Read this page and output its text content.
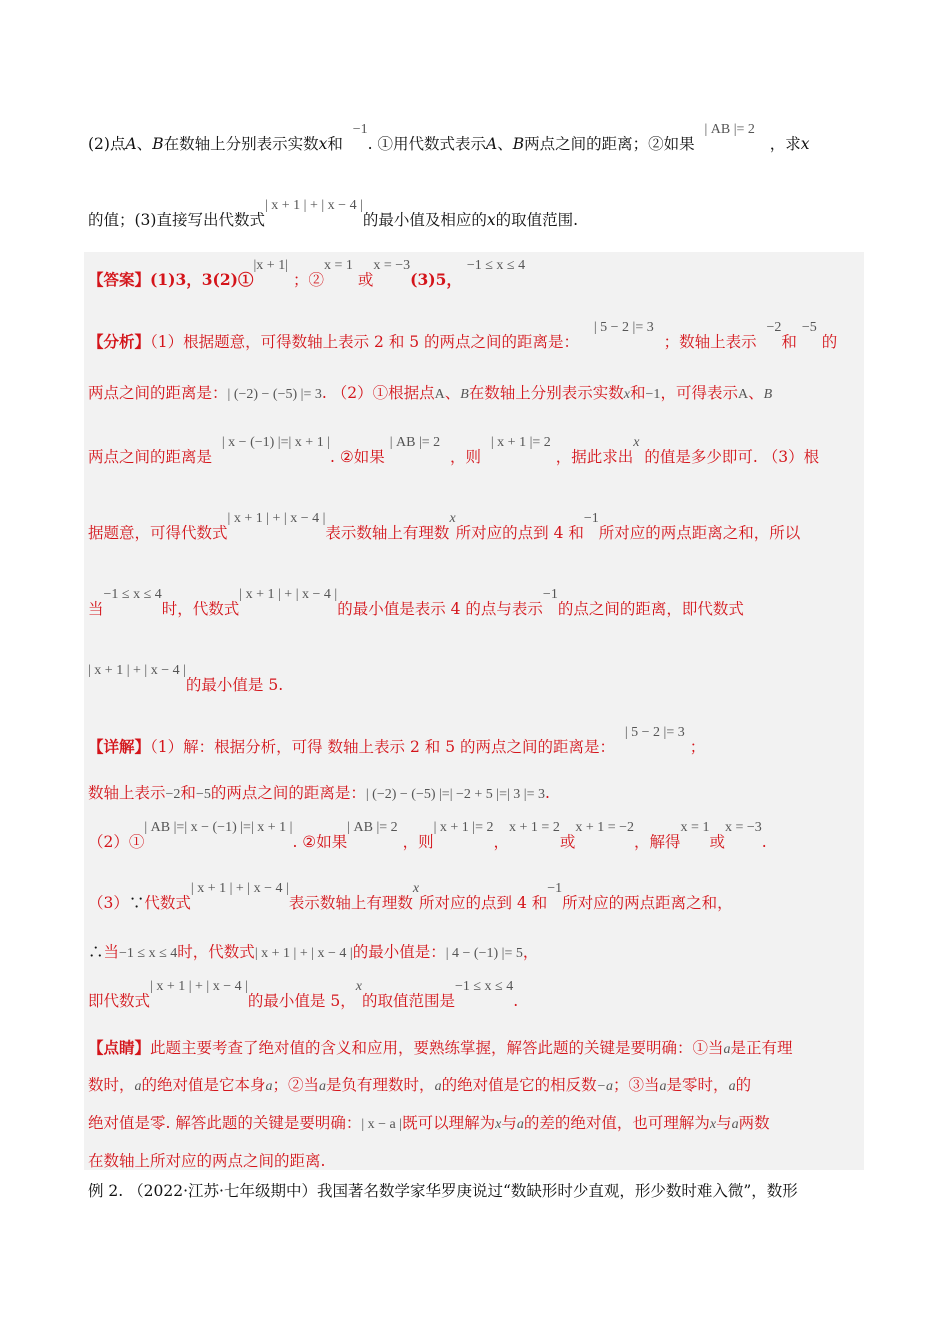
(2)点A、B在数轴上分别表示实数x和  −1. ①用代数式表示A、B两点之间的距离；②如果  | AB |= 2   ，求x
的值；(3)直接写出代数式| x + 1 | + | x − 4 |的最小值及相应的x的取值范围.
【答案】(1)3，3(2)①|x + 1| ；②x = 1 或x = −3(3)5， −1 ≤ x ≤ 4
【分析】（1）根据题意，可得数轴上表示 2 和 5 的两点之间的距离是：   | 5 − 2 |= 3  ；数轴上表示  −2和 −5 的
两点之间的距离是：| (−2) − (−5) |= 3. （2）①根据点A、B在数轴上分别表示实数x和−1，可得表示A、B
两点之间的距离是  | x − (−1) |=| x + 1 |. ②如果 | AB |= 2  ，则  | x + 1 |= 2 ，据此求出x 的值是多少即可. （3）根
据题意，可得代数式| x + 1 | + | x − 4 |表示数轴上有理数x所对应的点到 4 和−1所对应的两点距离之和，所以
当−1 ≤ x ≤ 4时，代数式| x + 1 | + | x − 4 |的最小值是表示 4 的点与表示−1的点之间的距离，即代数式
| x + 1 | + | x − 4 |的最小值是 5.
【详解】（1）解：根据分析，可得 数轴上表示 2 和 5 的两点之间的距离是：  | 5 − 2 |= 3 ；
数轴上表示−2和−5的两点之间的距离是：| (−2) − (−5) |=| −2 + 5 |=| 3 |= 3.
（2）①| AB |=| x − (−1) |=| x + 1 |. ②如果| AB |= 2 ，则| x + 1 |= 2，x + 1 = 2或x + 1 = −2，解得x = 1或x = −3.
（3）∵代数式| x + 1 | + | x − 4 |表示数轴上有理数x所对应的点到 4 和−1所对应的两点距离之和，
∴当−1 ≤ x ≤ 4时，代数式| x + 1 | + | x − 4 |的最小值是：| 4 − (−1) |= 5，
即代数式| x + 1 | + | x − 4 |的最小值是 5，x的取值范围是−1 ≤ x ≤ 4.
【点睛】此题主要考查了绝对值的含义和应用，要熟练掌握，解答此题的关键是要明确：①当a是正有理
数时，a的绝对值是它本身a；②当a是负有理数时，a的绝对值是它的相反数−a；③当a是零时，a的
绝对值是零. 解答此题的关键是要明确：| x − a |既可以理解为x与a的差的绝对值，也可理解为x与a两数
在数轴上所对应的两点之间的距离.
例 2. （2022·江苏·七年级期中）我国著名数学家华罗庚说过“数缺形时少直观，形少数时难入微”，数形
